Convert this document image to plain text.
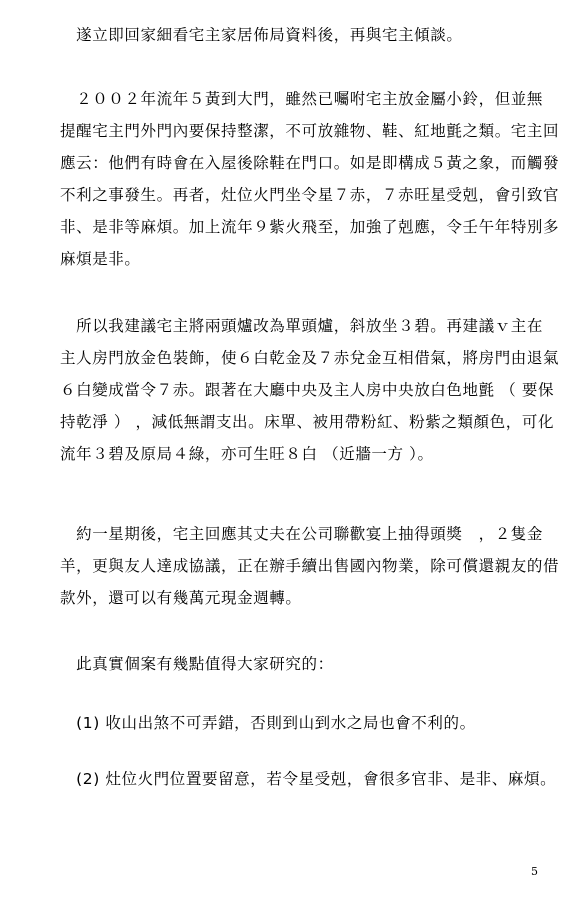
　遂立即回家細看宅主家居佈局資料後，再與宅主傾談。

　２００２年流年５黃到大門，雖然已囑咐宅主放金屬小鈴，但並無
提醒宅主門外門內要保持整潔，不可放雜物、鞋、紅地氈之類。宅主回
應云：他們有時會在入屋後除鞋在門口。如是即構成５黃之象，而觸發
不利之事發生。再者，灶位火門坐令星７赤，７赤旺星受剋，會引致官
非、是非等麻煩。加上流年９紫火飛至，加強了剋應，令壬午年特別多
麻煩是非。

　所以我建議宅主將兩頭爐改為單頭爐，斜放坐３碧。再建議ｖ主在
主人房門放金色裝飾，使６白乾金及７赤兌金互相借氣，將房門由退氣
６白變成當令７赤。跟著在大廳中央及主人房中央放白色地氈 （ 要保
持乾淨 ） ，減低無謂支出。床單、被用帶粉紅、粉紫之類顏色，可化
流年３碧及原局４綠，亦可生旺８白 （近牆一方 ）。

　約一星期後，宅主回應其丈夫在公司聯歡宴上抽得頭獎　，２隻金
羊，更與友人達成協議，正在辦手續出售國內物業，除可償還親友的借
款外，還可以有幾萬元現金週轉。

　此真實個案有幾點值得大家研究的：

　(1) 收山出煞不可弄錯，否則到山到水之局也會不利的。

　(2) 灶位火門位置要留意，若令星受剋，會很多官非、是非、麻煩。

5
